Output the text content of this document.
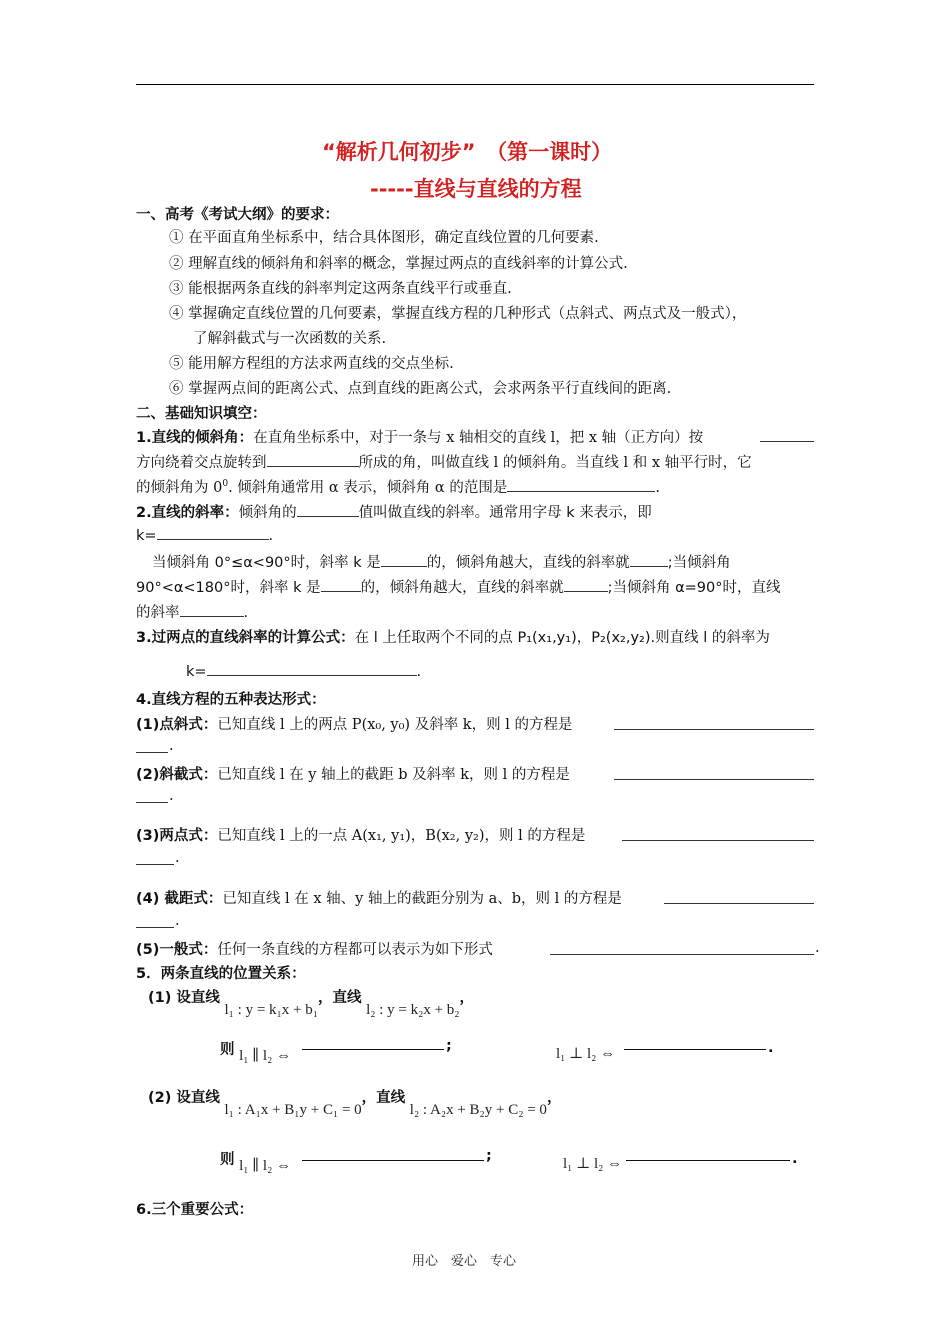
“解析几何初步”　（第一课时）
-----直线与直线的方程
一、高考《考试大纲》的要求：
① 在平面直角坐标系中，结合具体图形，确定直线位置的几何要素.
② 理解直线的倾斜角和斜率的概念，掌握过两点的直线斜率的计算公式.
③ 能根据两条直线的斜率判定这两条直线平行或垂直.
④ 掌握确定直线位置的几何要素，掌握直线方程的几种形式（点斜式、两点式及一般式），
了解斜截式与一次函数的关系.
⑤ 能用解方程组的方法求两直线的交点坐标.
⑥ 掌握两点间的距离公式、点到直线的距离公式，会求两条平行直线间的距离.
二、基础知识填空：
1.直线的倾斜角：在直角坐标系中，对于一条与 x 轴相交的直线 l，把 x 轴（正方向）按
方向绕着交点旋转到	所成的角，叫做直线 l 的倾斜角。当直线 l 和 x 轴平行时，它
的倾斜角为 $0^0$. 倾斜角通常用 α 表示，倾斜角 α 的范围是	.
2.直线的斜率：倾斜角的	值叫做直线的斜率。通常用字母 k 来表示，即
k=	.
当倾斜角 0°≤α<90°时，斜率 k 是	的，倾斜角越大，直线的斜率就	;当倾斜角
90°<α<180°时，斜率 k 是	的，倾斜角越大，直线的斜率就	;当倾斜角 α=90°时，直线
的斜率	.
3.过两点的直线斜率的计算公式：在 l 上任取两个不同的点 P₁(x₁,y₁)，P₂(x₂,y₂).则直线 l 的斜率为
k=	.
4.直线方程的五种表达形式：
(1)点斜式：已知直线 l 上的两点 P(x₀, y₀) 及斜率 k，则 l 的方程是
.
(2)斜截式：已知直线 l 在 y 轴上的截距 b 及斜率 k，则 l 的方程是
.
(3)两点式：已知直线 l 上的一点 A(x₁, y₁)，B(x₂, y₂)，则 l 的方程是
.
(4) 截距式：已知直线 l 在 x 轴、y 轴上的截距分别为 a、b，则 l 的方程是
.
(5)一般式：任何一条直线的方程都可以表示为如下形式	.
5．两条直线的位置关系：
(1) 设直线 l₁ : y = k₁x + b₁，直线 l₂ : y = k₂x + b₂，
则 l₁ ∥ l₂ ⇔
;	l₁ ⊥ l₂ ⇔	.
(2) 设直线 l₁ : A₁x + B₁y + C₁ = 0，直线 l₂ : A₂x + B₂y + C₂ = 0，
则 l₁ ∥ l₂ ⇔
;	l₁ ⊥ l₂ ⇔	.
6.三个重要公式：
用心　爱心　专心
